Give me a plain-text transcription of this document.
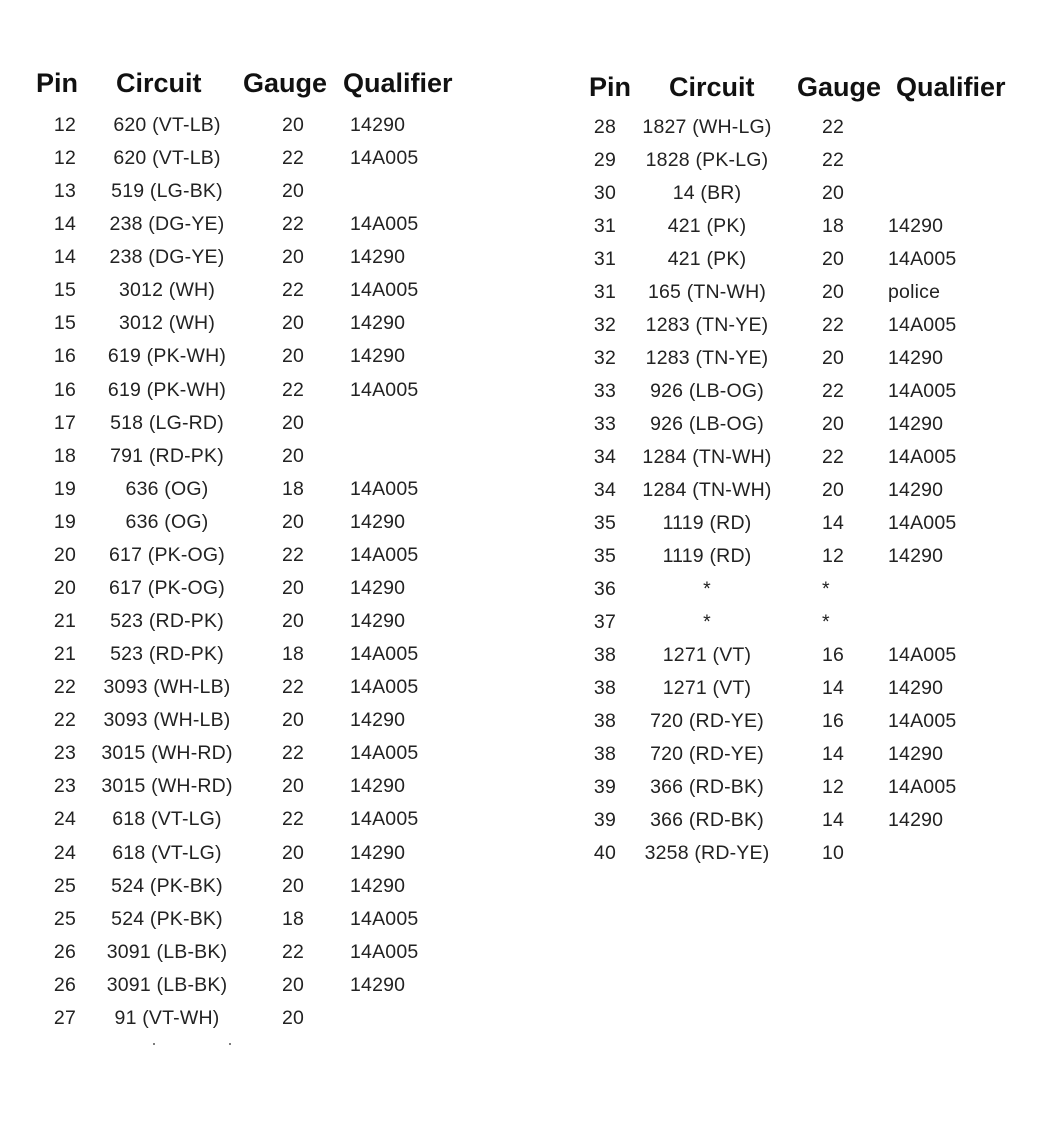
Pin Circuit Gauge Qualifier
12	620 (VT-LB)	20	14290
12	620 (VT-LB)	22	14A005
13	519 (LG-BK)	20
14	238 (DG-YE)	22	14A005
14	238 (DG-YE)	20	14290
15	3012 (WH)	22	14A005
15	3012 (WH)	20	14290
16	619 (PK-WH)	20	14290
16	619 (PK-WH)	22	14A005
17	518 (LG-RD)	20
18	791 (RD-PK)	20
19	636 (OG)	18	14A005
19	636 (OG)	20	14290
20	617 (PK-OG)	22	14A005
20	617 (PK-OG)	20	14290
21	523 (RD-PK)	20	14290
21	523 (RD-PK)	18	14A005
22	3093 (WH-LB)	22	14A005
22	3093 (WH-LB)	20	14290
23	3015 (WH-RD)	22	14A005
23	3015 (WH-RD)	20	14290
24	618 (VT-LG)	22	14A005
24	618 (VT-LG)	20	14290
25	524 (PK-BK)	20	14290
25	524 (PK-BK)	18	14A005
26	3091 (LB-BK)	22	14A005
26	3091 (LB-BK)	20	14290
27	91 (VT-WH)	20
Pin Circuit Gauge Qualifier
28	1827 (WH-LG)	22
29	1828 (PK-LG)	22
30	14 (BR)	20
31	421 (PK)	18	14290
31	421 (PK)	20	14A005
31	165 (TN-WH)	20	police
32	1283 (TN-YE)	22	14A005
32	1283 (TN-YE)	20	14290
33	926 (LB-OG)	22	14A005
33	926 (LB-OG)	20	14290
34	1284 (TN-WH)	22	14A005
34	1284 (TN-WH)	20	14290
35	1119 (RD)	14	14A005
35	1119 (RD)	12	14290
36	*	*
37	*	*
38	1271 (VT)	16	14A005
38	1271 (VT)	14	14290
38	720 (RD-YE)	16	14A005
38	720 (RD-YE)	14	14290
39	366 (RD-BK)	12	14A005
39	366 (RD-BK)	14	14290
40	3258 (RD-YE)	10
